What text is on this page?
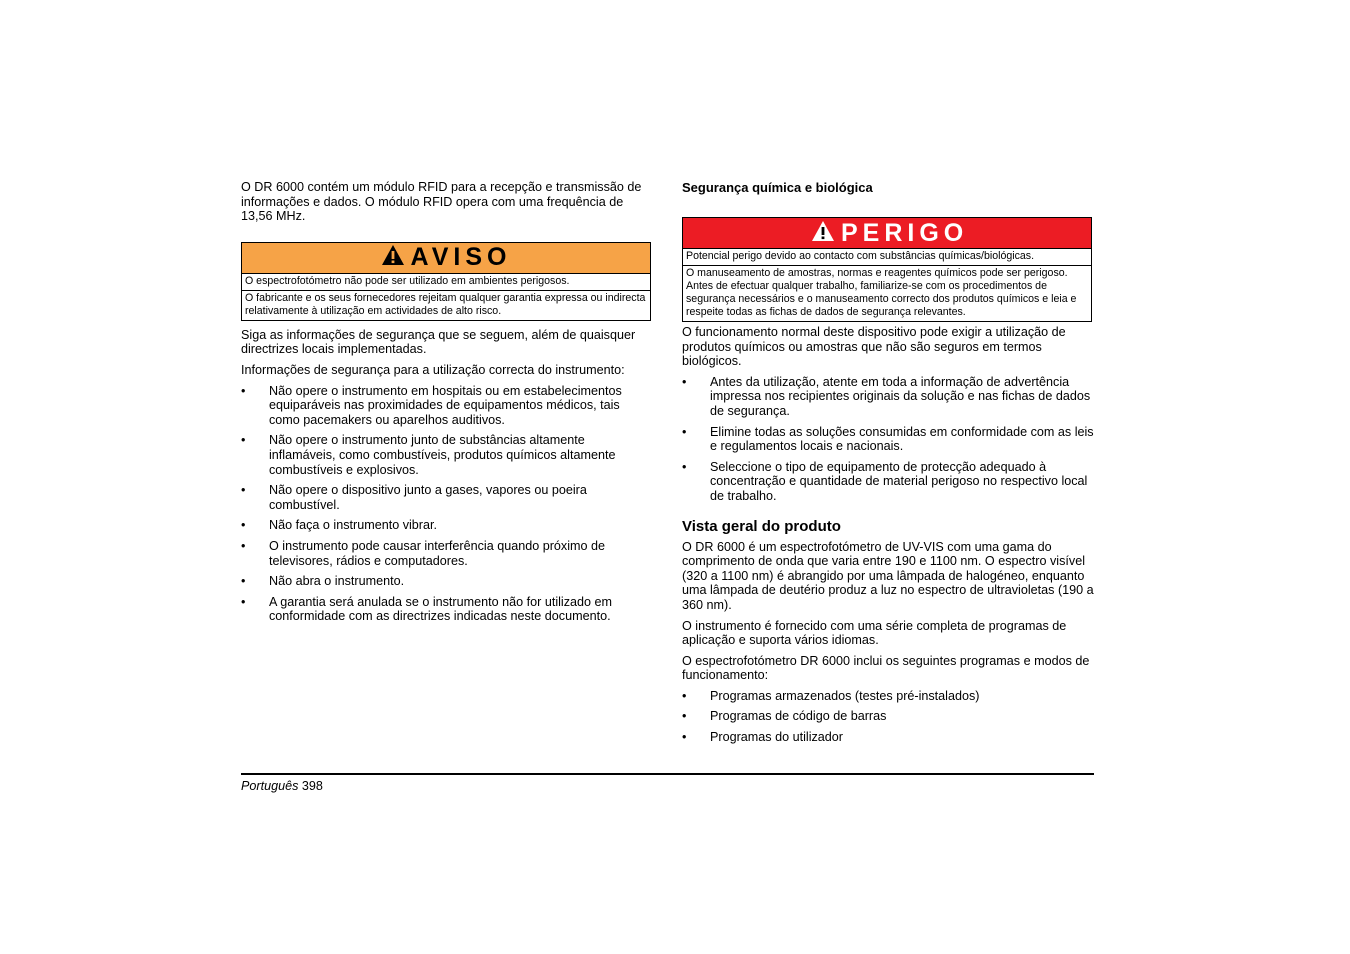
O DR 6000 contém um módulo RFID para a recepção e transmissão de informações e dados. O módulo RFID opera com uma frequência de 13,56 MHz.

AVISO
O espectrofotómetro não pode ser utilizado em ambientes perigosos.
O fabricante e os seus fornecedores rejeitam qualquer garantia expressa ou indirecta relativamente à utilização em actividades de alto risco.

Siga as informações de segurança que se seguem, além de quaisquer directrizes locais implementadas.

Informações de segurança para a utilização correcta do instrumento:

• Não opere o instrumento em hospitais ou em estabelecimentos equiparáveis nas proximidades de equipamentos médicos, tais como pacemakers ou aparelhos auditivos.
• Não opere o instrumento junto de substâncias altamente inflamáveis, como combustíveis, produtos químicos altamente combustíveis e explosivos.
• Não opere o dispositivo junto a gases, vapores ou poeira combustível.
• Não faça o instrumento vibrar.
• O instrumento pode causar interferência quando próximo de televisores, rádios e computadores.
• Não abra o instrumento.
• A garantia será anulada se o instrumento não for utilizado em conformidade com as directrizes indicadas neste documento.

Segurança química e biológica

PERIGO
Potencial perigo devido ao contacto com substâncias químicas/biológicas.
O manuseamento de amostras, normas e reagentes químicos pode ser perigoso. Antes de efectuar qualquer trabalho, familiarize-se com os procedimentos de segurança necessários e o manuseamento correcto dos produtos químicos e leia e respeite todas as fichas de dados de segurança relevantes.

O funcionamento normal deste dispositivo pode exigir a utilização de produtos químicos ou amostras que não são seguros em termos biológicos.

• Antes da utilização, atente em toda a informação de advertência impressa nos recipientes originais da solução e nas fichas de dados de segurança.
• Elimine todas as soluções consumidas em conformidade com as leis e regulamentos locais e nacionais.
• Seleccione o tipo de equipamento de protecção adequado à concentração e quantidade de material perigoso no respectivo local de trabalho.

Vista geral do produto

O DR 6000 é um espectrofotómetro de UV-VIS com uma gama do comprimento de onda que varia entre 190 e 1100 nm. O espectro visível (320 a 1100 nm) é abrangido por uma lâmpada de halogéneo, enquanto uma lâmpada de deutério produz a luz no espectro de ultravioletas (190 a 360 nm).

O instrumento é fornecido com uma série completa de programas de aplicação e suporta vários idiomas.

O espectrofotómetro DR 6000 inclui os seguintes programas e modos de funcionamento:

• Programas armazenados (testes pré-instalados)
• Programas de código de barras
• Programas do utilizador
Português 398
